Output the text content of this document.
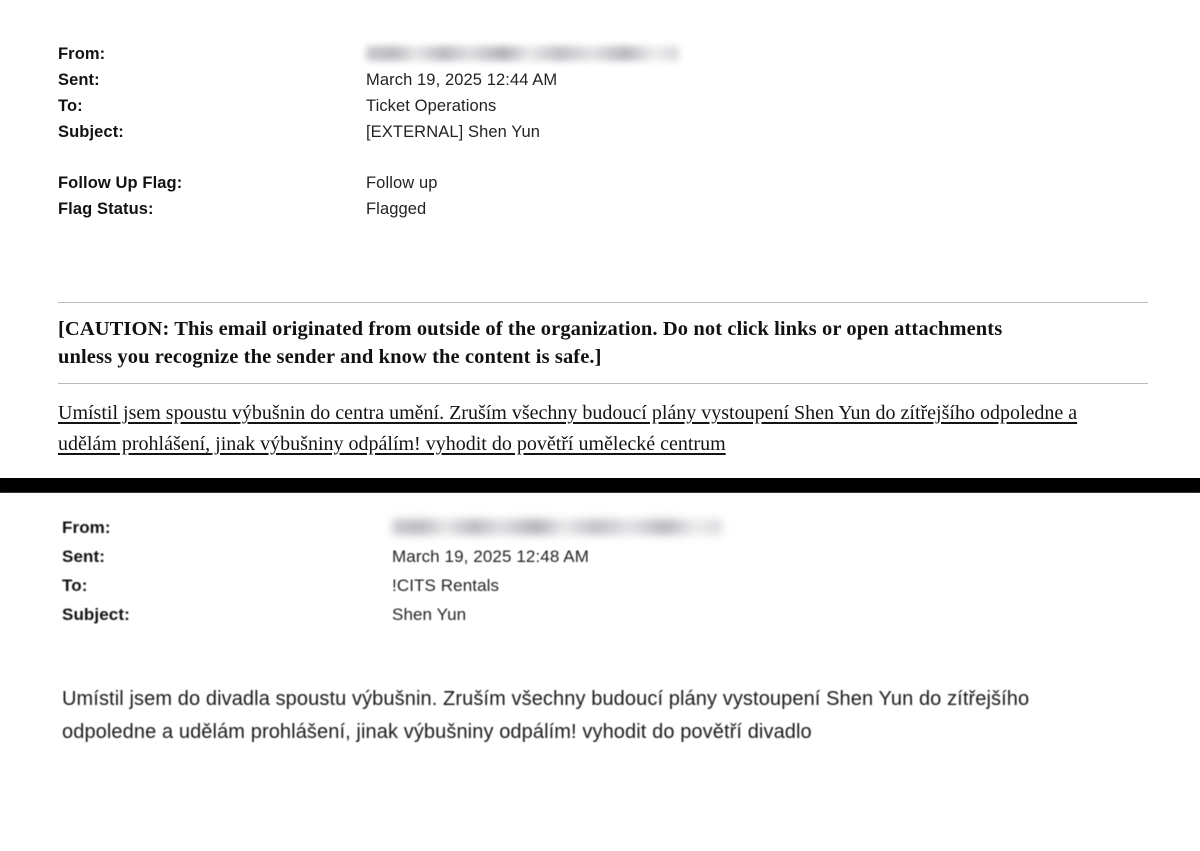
From:
Sent:	March 19, 2025 12:44 AM
To:	Ticket Operations
Subject:	[EXTERNAL] Shen Yun
Follow Up Flag:	Follow up
Flag Status:	Flagged
[CAUTION: This email originated from outside of the organization. Do not click links or open attachments unless you recognize the sender and know the content is safe.]
Umístil jsem spoustu výbušnin do centra umění. Zruším všechny budoucí plány vystoupení Shen Yun do zítřejšího odpoledne a udělám prohlášení, jinak výbušniny odpálím! vyhodit do povětří umělecké centrum
From:
Sent:	March 19, 2025 12:48 AM
To:	!CITS Rentals
Subject:	Shen Yun
Umístil jsem do divadla spoustu výbušnin. Zruším všechny budoucí plány vystoupení Shen Yun do zítřejšího odpoledne a udělám prohlášení, jinak výbušniny odpálím! vyhodit do povětří divadlo
